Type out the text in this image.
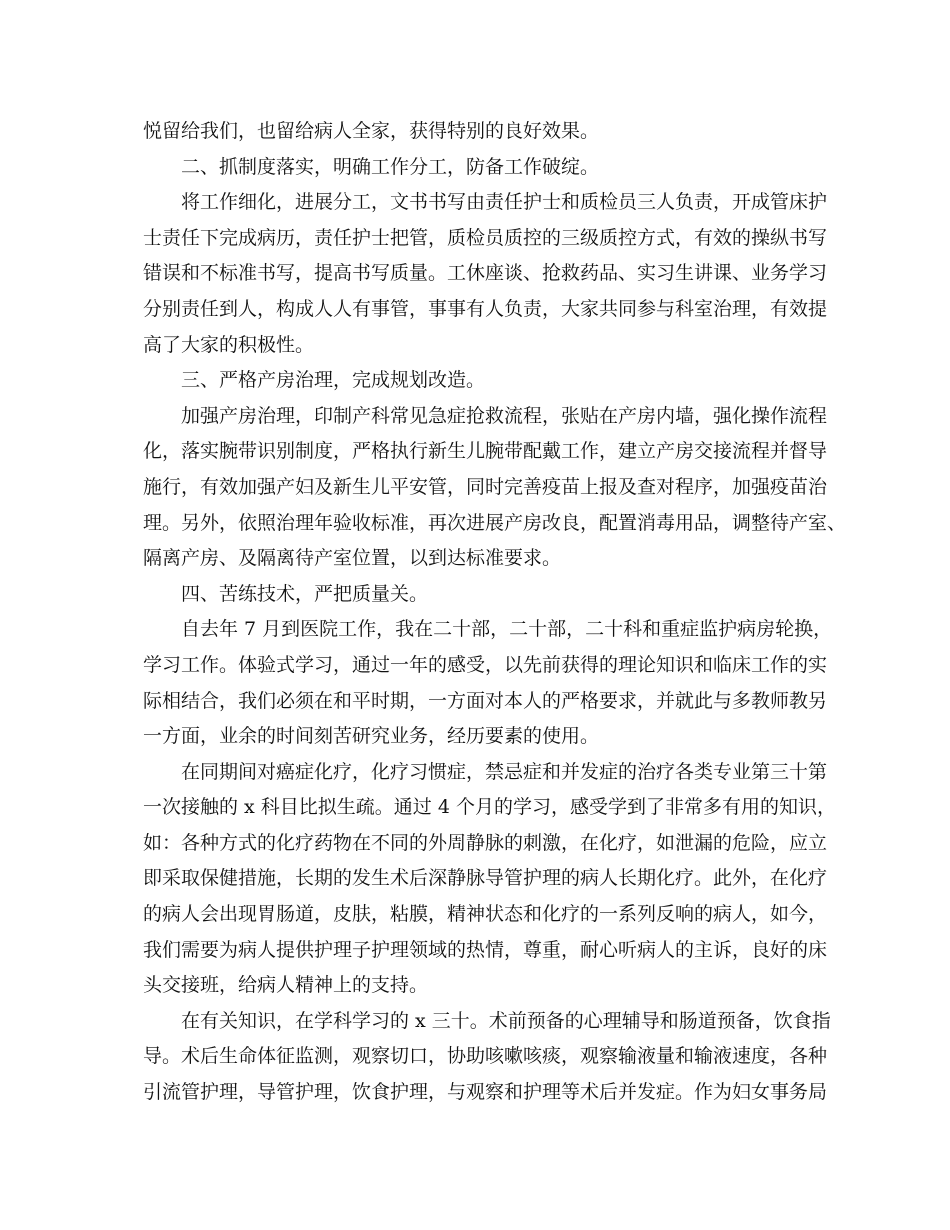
悦留给我们，也留给病人全家，获得特别的良好效果。
二、抓制度落实，明确工作分工，防备工作破绽。
将工作细化，进展分工，文书书写由责任护士和质检员三人负责，开成管床护
士责任下完成病历，责任护士把管，质检员质控的三级质控方式，有效的操纵书写
错误和不标准书写，提高书写质量。工休座谈、抢救药品、实习生讲课、业务学习
分别责任到人，构成人人有事管，事事有人负责，大家共同参与科室治理，有效提
高了大家的积极性。
三、严格产房治理，完成规划改造。
加强产房治理，印制产科常见急症抢救流程，张贴在产房内墙，强化操作流程
化，落实腕带识别制度，严格执行新生儿腕带配戴工作，建立产房交接流程并督导
施行，有效加强产妇及新生儿平安管，同时完善疫苗上报及查对程序，加强疫苗治
理。另外，依照治理年验收标准，再次进展产房改良，配置消毒用品，调整待产室、
隔离产房、及隔离待产室位置，以到达标准要求。
四、苦练技术，严把质量关。
自去年 7 月到医院工作，我在二十部，二十部，二十科和重症监护病房轮换，
学习工作。体验式学习，通过一年的感受，以先前获得的理论知识和临床工作的实
际相结合，我们必须在和平时期，一方面对本人的严格要求，并就此与多教师教另
一方面，业余的时间刻苦研究业务，经历要素的使用。
在同期间对癌症化疗，化疗习惯症，禁忌症和并发症的治疗各类专业第三十第
一次接触的 x 科目比拟生疏。通过 4 个月的学习，感受学到了非常多有用的知识，
如：各种方式的化疗药物在不同的外周静脉的刺激，在化疗，如泄漏的危险，应立
即采取保健措施，长期的发生术后深静脉导管护理的病人长期化疗。此外，在化疗
的病人会出现胃肠道，皮肤，粘膜，精神状态和化疗的一系列反响的病人，如今，
我们需要为病人提供护理子护理领域的热情，尊重，耐心听病人的主诉，良好的床
头交接班，给病人精神上的支持。
在有关知识，在学科学习的 x 三十。术前预备的心理辅导和肠道预备，饮食指
导。术后生命体征监测，观察切口，协助咳嗽咳痰，观察输液量和输液速度，各种
引流管护理，导管护理，饮食护理，与观察和护理等术后并发症。作为妇女事务局
